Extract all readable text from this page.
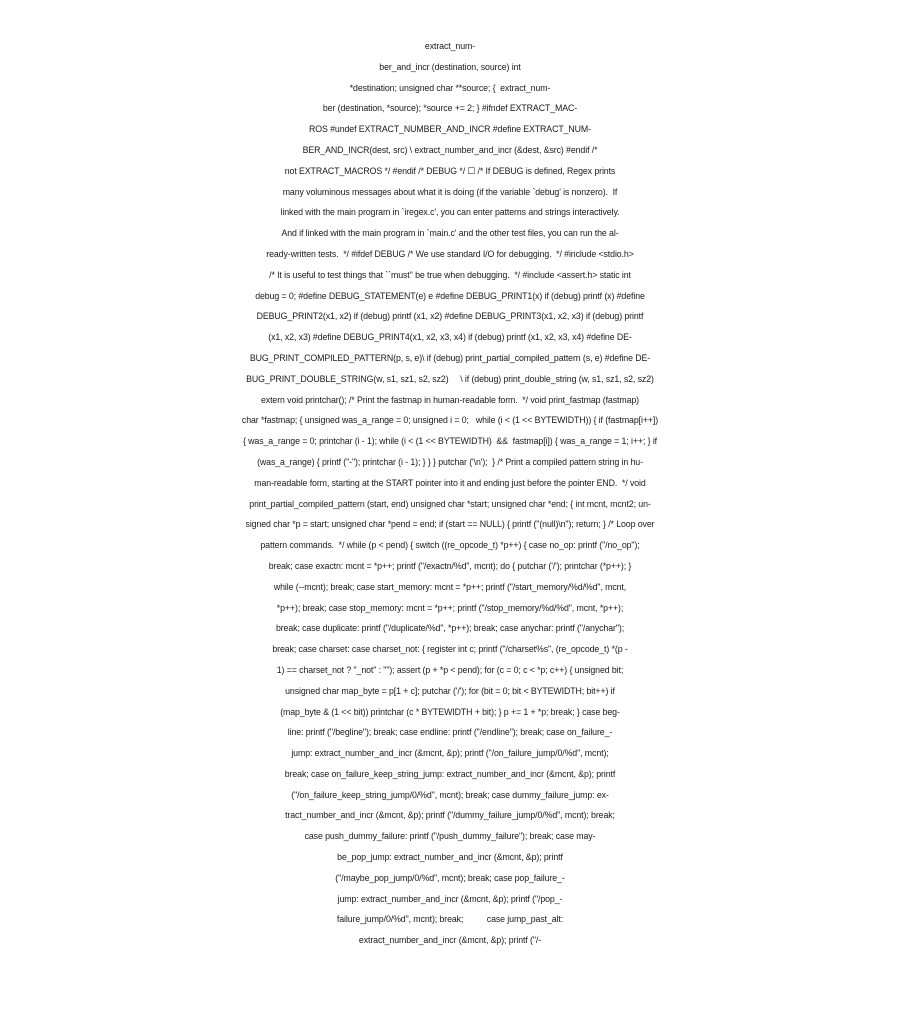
extract_num-
ber_and_incr (destination, source) int
*destination; unsigned char **source; {  extract_num-
ber (destination, *source); *source += 2; } #ifndef EXTRACT_MAC-
ROS #undef EXTRACT_NUMBER_AND_INCR #define EXTRACT_NUM-
BER_AND_INCR(dest, src) \ extract_number_and_incr (&dest, &src) #endif /*
not EXTRACT_MACROS */ #endif /* DEBUG */ ☐ /* If DEBUG is defined, Regex prints
many voluminous messages about what it is doing (if the variable `debug' is nonzero).  If
linked with the main program in `iregex.c', you can enter patterns and strings interactively.
And if linked with the main program in `main.c' and the other test files, you can run the al-
ready-written tests.  */ #ifdef DEBUG /* We use standard I/O for debugging.  */ #include <stdio.h>
/* It is useful to test things that ``must'' be true when debugging.  */ #include <assert.h> static int
debug = 0; #define DEBUG_STATEMENT(e) e #define DEBUG_PRINT1(x) if (debug) printf (x) #define
DEBUG_PRINT2(x1, x2) if (debug) printf (x1, x2) #define DEBUG_PRINT3(x1, x2, x3) if (debug) printf
(x1, x2, x3) #define DEBUG_PRINT4(x1, x2, x3, x4) if (debug) printf (x1, x2, x3, x4) #define DE-
BUG_PRINT_COMPILED_PATTERN(p, s, e)\ if (debug) print_partial_compiled_pattern (s, e) #define DE-
BUG_PRINT_DOUBLE_STRING(w, s1, sz1, s2, sz2)     \ if (debug) print_double_string (w, s1, sz1, s2, sz2)
extern void printchar(); /* Print the fastmap in human-readable form.  */ void print_fastmap (fastmap)
char *fastmap; { unsigned was_a_range = 0; unsigned i = 0;   while (i < (1 << BYTEWIDTH)) { if (fastmap[i++])
{ was_a_range = 0; printchar (i - 1); while (i < (1 << BYTEWIDTH)  &&  fastmap[i]) { was_a_range = 1; i++; } if
(was_a_range) { printf ("-"); printchar (i - 1); } } } putchar ('\n');  } /* Print a compiled pattern string in hu-
man-readable form, starting at the START pointer into it and ending just before the pointer END.  */ void
print_partial_compiled_pattern (start, end) unsigned char *start; unsigned char *end; { int mcnt, mcnt2; un-
signed char *p = start; unsigned char *pend = end; if (start == NULL) { printf ("(null)\n"); return; } /* Loop over
pattern commands.  */ while (p < pend) { switch ((re_opcode_t) *p++) { case no_op: printf ("/no_op");
break; case exactn: mcnt = *p++; printf ("/exactn/%d", mcnt); do { putchar ('/'); printchar (*p++); }
while (--mcnt); break; case start_memory: mcnt = *p++; printf ("/start_memory/%d/%d", mcnt,
*p++); break; case stop_memory: mcnt = *p++; printf ("/stop_memory/%d/%d", mcnt, *p++);
break; case duplicate: printf ("/duplicate/%d", *p++); break; case anychar: printf ("/anychar");
break; case charset: case charset_not: { register int c; printf ("/charset%s", (re_opcode_t) *(p -
1) == charset_not ? "_not" : ""); assert (p + *p < pend); for (c = 0; c < *p; c++) { unsigned bit;
unsigned char map_byte = p[1 + c]; putchar ('/'); for (bit = 0; bit < BYTEWIDTH; bit++) if
(map_byte & (1 << bit)) printchar (c * BYTEWIDTH + bit); } p += 1 + *p; break; } case beg-
line: printf ("/begline"); break; case endline: printf ("/endline"); break; case on_failure_-
jump: extract_number_and_incr (&mcnt, &p); printf ("/on_failure_jump/0/%d", mcnt);
break; case on_failure_keep_string_jump: extract_number_and_incr (&mcnt, &p); printf
("/on_failure_keep_string_jump/0/%d", mcnt); break; case dummy_failure_jump: ex-
tract_number_and_incr (&mcnt, &p); printf ("/dummy_failure_jump/0/%d", mcnt); break;
case push_dummy_failure: printf ("/push_dummy_failure"); break; case may-
be_pop_jump: extract_number_and_incr (&mcnt, &p); printf
("/maybe_pop_jump/0/%d", mcnt); break; case pop_failure_-
jump: extract_number_and_incr (&mcnt, &p); printf ("/pop_-
failure_jump/0/%d", mcnt); break;          case jump_past_alt:
extract_number_and_incr (&mcnt, &p); printf ("/-
